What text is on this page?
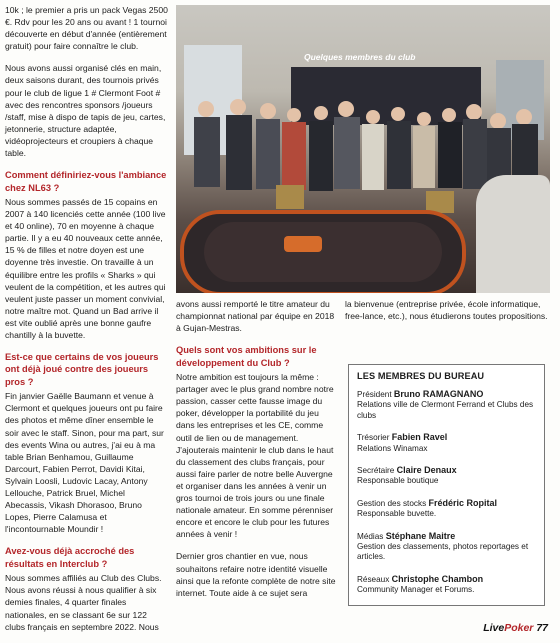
10k ; le premier a pris un pack Vegas 2500 €. Rdv pour les 20 ans ou avant ! 1 tournoi découverte en début d'année (entièrement gratuit) pour faire connaître le club.

Nous avons aussi organisé clés en main, deux saisons durant, des tournois privés pour le club de ligue 1 # Clermont Foot # avec des rencontres sponsors /joueurs /staff, mise à dispo de tapis de jeu, cartes, jetonnerie, structure adaptée, vidéoprojecteurs et croupiers à chaque table.

Comment définiriez-vous l'ambiance chez NL63 ?

Nous sommes passés de 15 copains en 2007 à 140 licenciés cette année (100 live et 40 online), 70 en moyenne à chaque partie. Il y a eu 40 nouveaux cette année, 15 % de filles et notre doyen est une doyenne très investie. On travaille à un équilibre entre les profils « Sharks » qui veulent de la compétition, et les autres qui veulent juste passer un moment convivial, notre maître mot. Quand un Bad arrive il est vite oublié après une bonne gaufre chantilly à la buvette.

Est-ce que certains de vos joueurs ont déjà joué contre des joueurs pros ?

Fin janvier Gaëlle Baumann et venue à Clermont et quelques joueurs ont pu faire des photos et même dîner ensemble le soir avec le staff. Sinon, pour ma part, sur des events Wina ou autres, j'ai eu à ma table Brian Benhamou, Guillaume Darcourt, Fabien Perrot, Davidi Kitai, Sylvain Loosli, Ludovic Lacay, Antony Lellouche, Patrick Bruel, Michel Abecassis, Vikash Dhorasoo, Bruno Lopes, Pierre Calamusa et l'incontournable Moundir !

Avez-vous déjà accroché des résultats en Interclub ?

Nous sommes affiliés au Club des Clubs. Nous avons réussi à nous qualifier à six demies finales, 4 quarter finales nationales, en se classant 6e sur 122 clubs français en septembre 2022. Nous

Quelques membres du club

avons aussi remporté le titre amateur du championnat national par équipe en 2018 à Gujan-Mestras.

Quels sont vos ambitions sur le développement du Club ?

Notre ambition est toujours la même : partager avec le plus grand nombre notre passion, casser cette fausse image du poker, développer la portabilité du jeu dans les entreprises et les CE, comme outil de lien ou de management. J'ajouterais maintenir le club dans le haut du classement des clubs français, pour aussi faire parler de notre belle Auvergne et organiser dans les années à venir un gros tournoi de trois jours ou une finale nationale amateur. En somme pérenniser encore et encore le club pour les futures années à venir !

Dernier gros chantier en vue, nous souhaitons refaire notre identité visuelle ainsi que la refonte complète de notre site internet. Toute aide à ce sujet sera

la bienvenue (entreprise privée, école informatique, free-lance, etc.), nous étudierons toutes propositions.

LES MEMBRES DU BUREAU
Président Bruno RAMAGNANO
Relations ville de Clermont Ferrand et Clubs des clubs
Trésorier Fabien Ravel
Relations Winamax
Secrétaire Claire Denaux
Responsable boutique
Gestion des stocks Frédéric Ropital
Responsable buvette.
Médias Stéphane Maitre
Gestion des classements, photos reportages et articles.
Réseaux Christophe Chambon
Community Manager et Forums.
LivePoker 77
